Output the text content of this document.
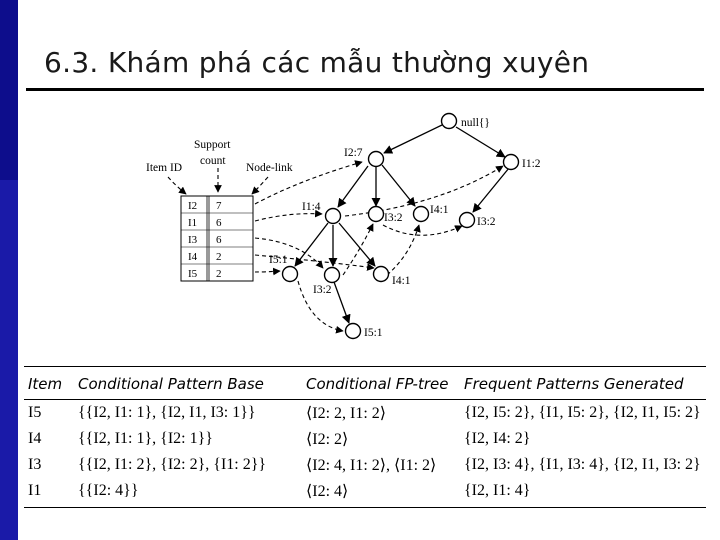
6.3. Khám phá các mẫu thường xuyên
I2 7
I1 6
I3 6
I4 2
I5 2
Item ID
Support
count
Node-link
null{}
I2:7
I1:2
I1:4
I3:2
I4:1
I3:2
I5:1
I3:2
I4:1
I5:1
Item	Conditional Pattern Base	Conditional FP-tree	Frequent Patterns Generated
I5	{{I2, I1: 1}, {I2, I1, I3: 1}}	⟨I2: 2, I1: 2⟩	{I2, I5: 2}, {I1, I5: 2}, {I2, I1, I5: 2}
I4	{{I2, I1: 1}, {I2: 1}}	⟨I2: 2⟩	{I2, I4: 2}
I3	{{I2, I1: 2}, {I2: 2}, {I1: 2}}	⟨I2: 4, I1: 2⟩, ⟨I1: 2⟩	{I2, I3: 4}, {I1, I3: 4}, {I2, I1, I3: 2}
I1	{{I2: 4}}	⟨I2: 4⟩	{I2, I1: 4}
